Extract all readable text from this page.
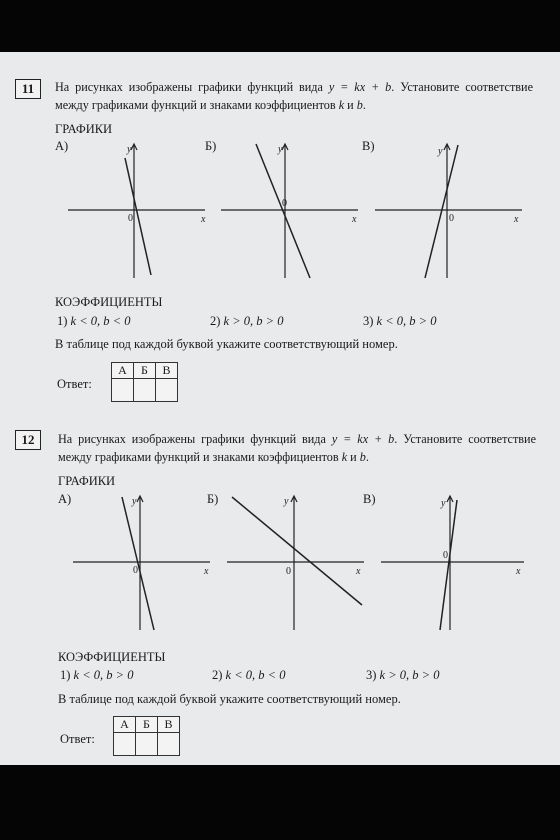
11	На рисунках изображены графики функций вида y = kx + b. Установите соответствие между графиками функций и знаками коэффициентов k и b.
ГРАФИКИ
А)	y
0	x
Б)	y
0
x
В)	y
0	x
КОЭФФИЦИЕНТЫ
1) k < 0, b < 0	2) k > 0, b > 0	3) k < 0, b > 0
В таблице под каждой буквой укажите соответствующий номер.
Ответ:
А	Б	В

12	На рисунках изображены графики функций вида y = kx + b. Установите соответствие между графиками функций и знаками коэффициентов k и b.
ГРАФИКИ
А)	y
0	x
Б)	y
0	x
В)	y
0
x
КОЭФФИЦИЕНТЫ
1) k < 0, b > 0	2) k < 0, b < 0	3) k > 0, b > 0
В таблице под каждой буквой укажите соответствующий номер.
Ответ:
А	Б	В
